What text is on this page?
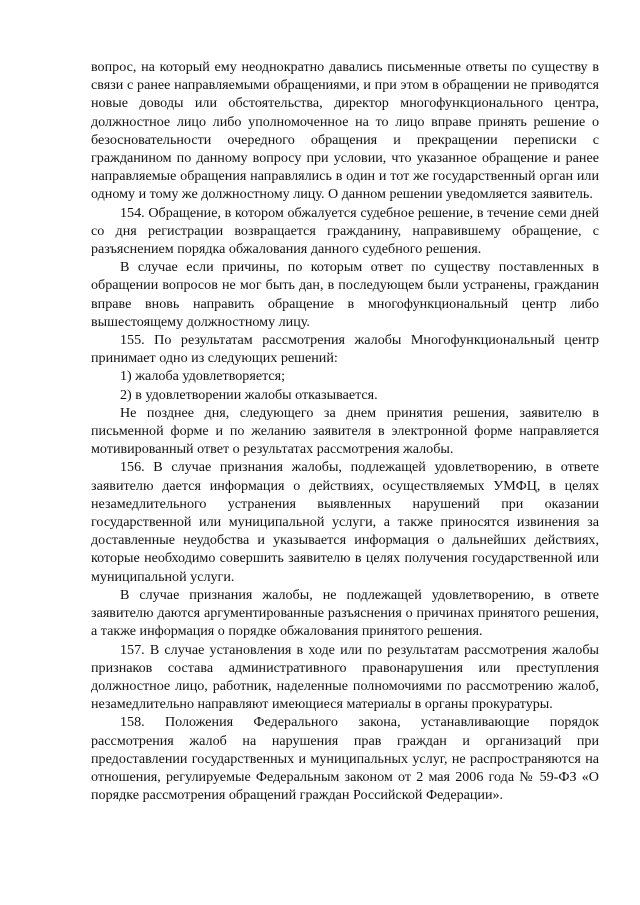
вопрос, на который ему неоднократно давались письменные ответы по существу в связи с ранее направляемыми обращениями, и при этом в обращении не приводятся новые доводы или обстоятельства, директор многофункционального центра, должностное лицо либо уполномоченное на то лицо вправе принять решение о безосновательности очередного обращения и прекращении переписки с гражданином по данному вопросу при условии, что указанное обращение и ранее направляемые обращения направлялись в один и тот же государственный орган или одному и тому же должностному лицу. О данном решении уведомляется заявитель.

154. Обращение, в котором обжалуется судебное решение, в течение семи дней со дня регистрации возвращается гражданину, направившему обращение, с разъяснением порядка обжалования данного судебного решения.

В случае если причины, по которым ответ по существу поставленных в обращении вопросов не мог быть дан, в последующем были устранены, гражданин вправе вновь направить обращение в многофункциональный центр либо вышестоящему должностному лицу.

155. По результатам рассмотрения жалобы Многофункциональный центр принимает одно из следующих решений:

1) жалоба удовлетворяется;

2) в удовлетворении жалобы отказывается.

Не позднее дня, следующего за днем принятия решения, заявителю в письменной форме и по желанию заявителя в электронной форме направляется мотивированный ответ о результатах рассмотрения жалобы.

156. В случае признания жалобы, подлежащей удовлетворению, в ответе заявителю дается информация о действиях, осуществляемых УМФЦ, в целях незамедлительного устранения выявленных нарушений при оказании государственной или муниципальной услуги, а также приносятся извинения за доставленные неудобства и указывается информация о дальнейших действиях, которые необходимо совершить заявителю в целях получения государственной или муниципальной услуги.

В случае признания жалобы, не подлежащей удовлетворению, в ответе заявителю даются аргументированные разъяснения о причинах принятого решения, а также информация о порядке обжалования принятого решения.

157. В случае установления в ходе или по результатам рассмотрения жалобы признаков состава административного правонарушения или преступления должностное лицо, работник, наделенные полномочиями по рассмотрению жалоб, незамедлительно направляют имеющиеся материалы в органы прокуратуры.

158. Положения Федерального закона, устанавливающие порядок рассмотрения жалоб на нарушения прав граждан и организаций при предоставлении государственных и муниципальных услуг, не распространяются на отношения, регулируемые Федеральным законом от 2 мая 2006 года № 59-ФЗ «О порядке рассмотрения обращений граждан Российской Федерации».
